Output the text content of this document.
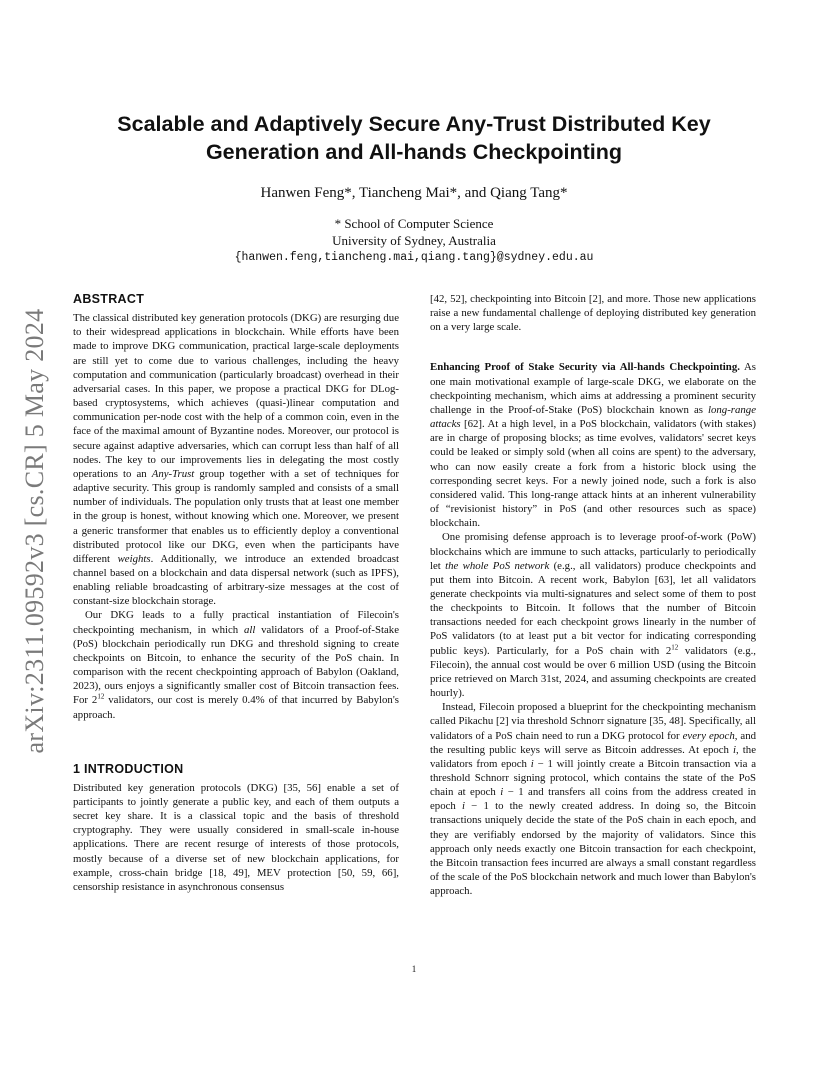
arXiv:2311.09592v3 [cs.CR] 5 May 2024
Scalable and Adaptively Secure Any-Trust Distributed Key
Generation and All-hands Checkpointing
Hanwen Feng*, Tiancheng Mai*, and Qiang Tang*
* School of Computer Science
University of Sydney, Australia
{hanwen.feng,tiancheng.mai,qiang.tang}@sydney.edu.au
ABSTRACT

The classical distributed key generation protocols (DKG) are resurging due to their widespread applications in blockchain. While efforts have been made to improve DKG communication, practical large-scale deployments are still yet to come due to various challenges, including the heavy computation and communication (particularly broadcast) overhead in their adversarial cases. In this paper, we propose a practical DKG for DLog-based cryptosystems, which achieves (quasi-)linear computation and communication per-node cost with the help of a common coin, even in the face of the maximal amount of Byzantine nodes. Moreover, our protocol is secure against adaptive adversaries, which can corrupt less than half of all nodes. The key to our improvements lies in delegating the most costly operations to an Any-Trust group together with a set of techniques for adaptive security. This group is randomly sampled and consists of a small number of individuals. The population only trusts that at least one member in the group is honest, without knowing which one. Moreover, we present a generic transformer that enables us to efficiently deploy a conventional distributed protocol like our DKG, even when the participants have different weights. Additionally, we introduce an extended broadcast channel based on a blockchain and data dispersal network (such as IPFS), enabling reliable broadcasting of arbitrary-size messages at the cost of constant-size blockchain storage.

Our DKG leads to a fully practical instantiation of Filecoin's checkpointing mechanism, in which all validators of a Proof-of-Stake (PoS) blockchain periodically run DKG and threshold signing to create checkpoints on Bitcoin, to enhance the security of the PoS chain. In comparison with the recent checkpointing approach of Babylon (Oakland, 2023), ours enjoys a significantly smaller cost of Bitcoin transaction fees. For $2^{12}$ validators, our cost is merely 0.4% of that incurred by Babylon's approach.

1 INTRODUCTION

Distributed key generation protocols (DKG) [35, 56] enable a set of participants to jointly generate a public key, and each of them outputs a secret key share. It is a classical topic and the basis of threshold cryptography. They were usually considered in small-scale in-house applications. There are recent resurge of interests of those protocols, mostly because of a diverse set of new blockchain applications, for example, cross-chain bridge [18, 49], MEV protection [50, 59, 66], censorship resistance in asynchronous consensus

[42, 52], checkpointing into Bitcoin [2], and more. Those new applications raise a new fundamental challenge of deploying distributed key generation on a very large scale.

Enhancing Proof of Stake Security via All-hands Checkpointing. As one main motivational example of large-scale DKG, we elaborate on the checkpointing mechanism, which aims at addressing a prominent security challenge in the Proof-of-Stake (PoS) blockchain known as long-range attacks [62]. At a high level, in a PoS blockchain, validators (with stakes) are in charge of proposing blocks; as time evolves, validators' secret keys could be leaked or simply sold (when all coins are spent) to the adversary, who can now easily create a fork from a historic block using the corresponding secret keys. For a newly joined node, such a fork is also considered valid. This long-range attack hints at an inherent vulnerability of “revisionist history” in PoS (and other resources such as space) blockchain.

One promising defense approach is to leverage proof-of-work (PoW) blockchains which are immune to such attacks, particularly to periodically let the whole PoS network (e.g., all validators) produce checkpoints and put them into Bitcoin. A recent work, Babylon [63], let all validators generate checkpoints via multi-signatures and select some of them to post the checkpoints to Bitcoin. It follows that the number of Bitcoin transactions needed for each checkpoint grows linearly in the number of PoS validators (to at least put a bit vector for indicating corresponding public keys). Particularly, for a PoS chain with $2^{12}$ validators (e.g., Filecoin), the annual cost would be over 6 million USD (using the Bitcoin price retrieved on March 31st, 2024, and assuming checkpoints are created hourly).

Instead, Filecoin proposed a blueprint for the checkpointing mechanism called Pikachu [2] via threshold Schnorr signature [35, 48]. Specifically, all validators of a PoS chain need to run a DKG protocol for every epoch, and the resulting public keys will serve as Bitcoin addresses. At epoch i, the validators from epoch i − 1 will jointly create a Bitcoin transaction via a threshold Schnorr signing protocol, which contains the state of the PoS chain at epoch i − 1 and transfers all coins from the address created in epoch i − 1 to the newly created address. In doing so, the Bitcoin transactions uniquely decide the state of the PoS chain in each epoch, and they are verifiably endorsed by the majority of validators. Since this approach only needs exactly one Bitcoin transaction for each checkpoint, the Bitcoin transaction fees incurred are always a small constant regardless of the scale of the PoS blockchain network and much lower than Babylon's approach.

1
